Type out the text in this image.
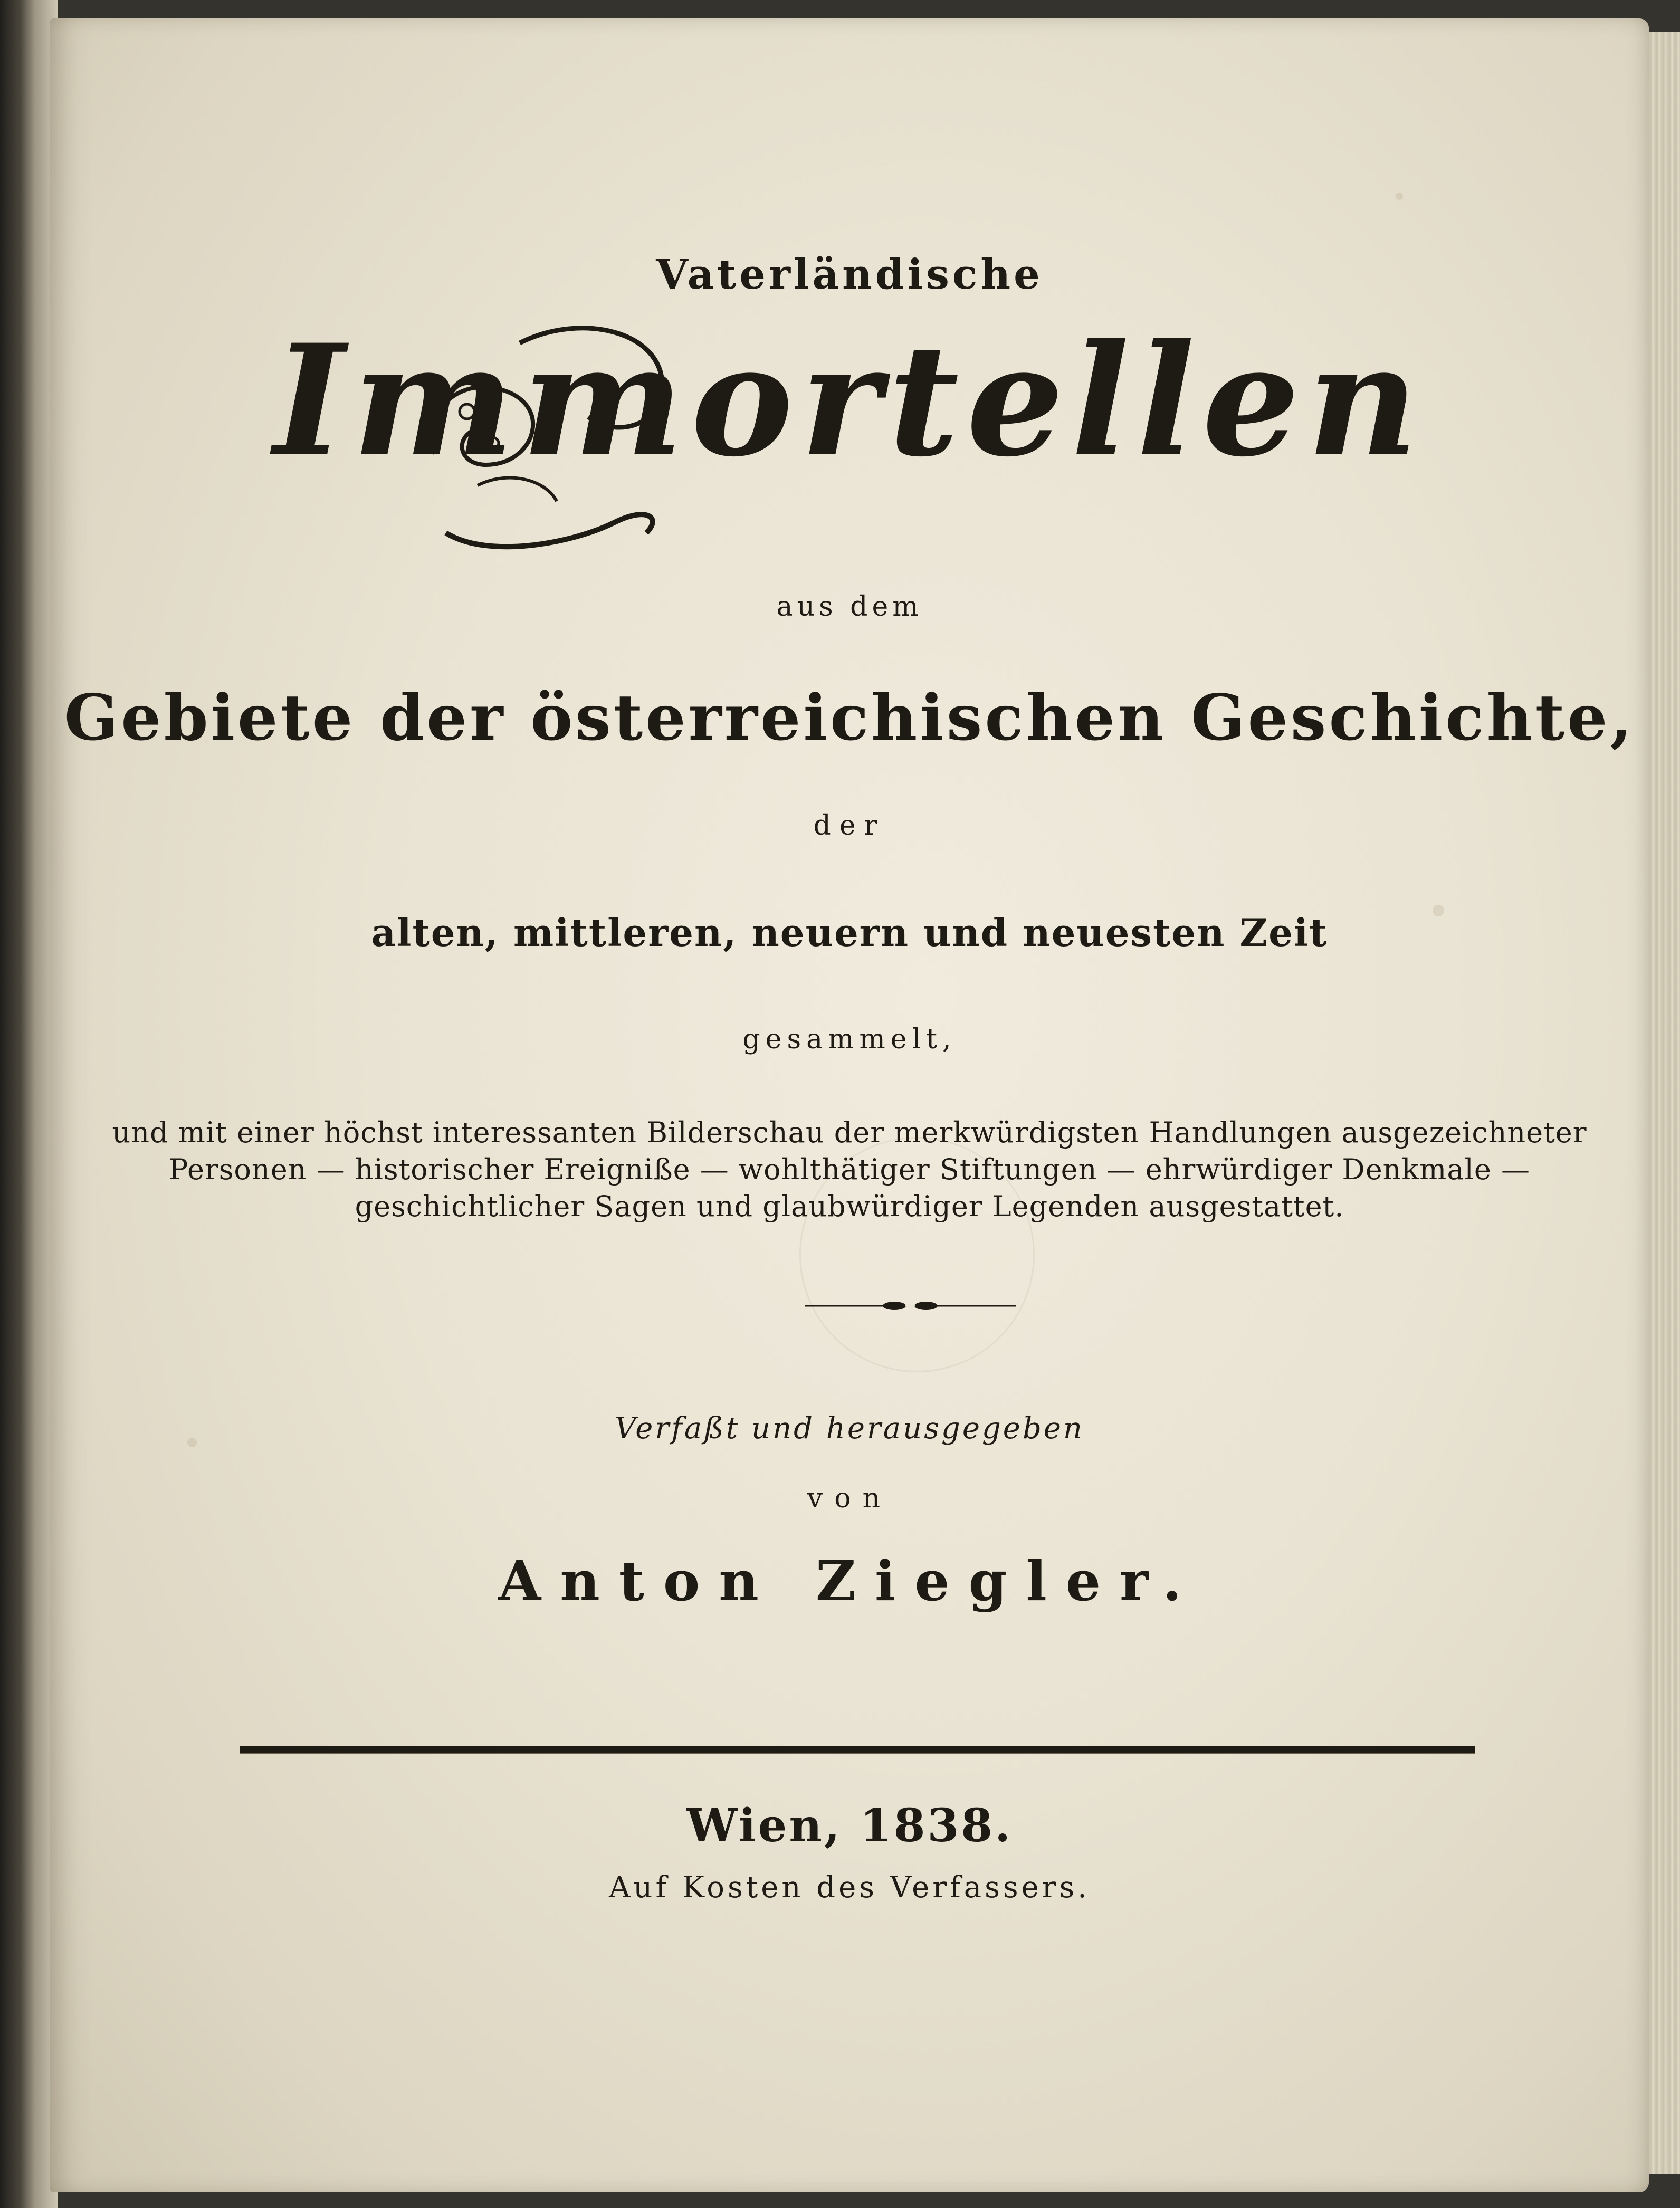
Vaterländische
Immortellen
aus dem
Gebiete der österreichischen Geschichte,
der
alten, mittleren, neuern und neuesten Zeit
gesammelt,
und mit einer höchst interessanten Bilderschau der merkwürdigsten Handlungen ausgezeichneter
Personen — historischer Ereigniße — wohlthätiger Stiftungen — ehrwürdiger Denkmale —
geschichtlicher Sagen und glaubwürdiger Legenden ausgestattet.
Verfaßt und herausgegeben
von
Anton Ziegler.
Wien, 1838.
Auf Kosten des Verfassers.
